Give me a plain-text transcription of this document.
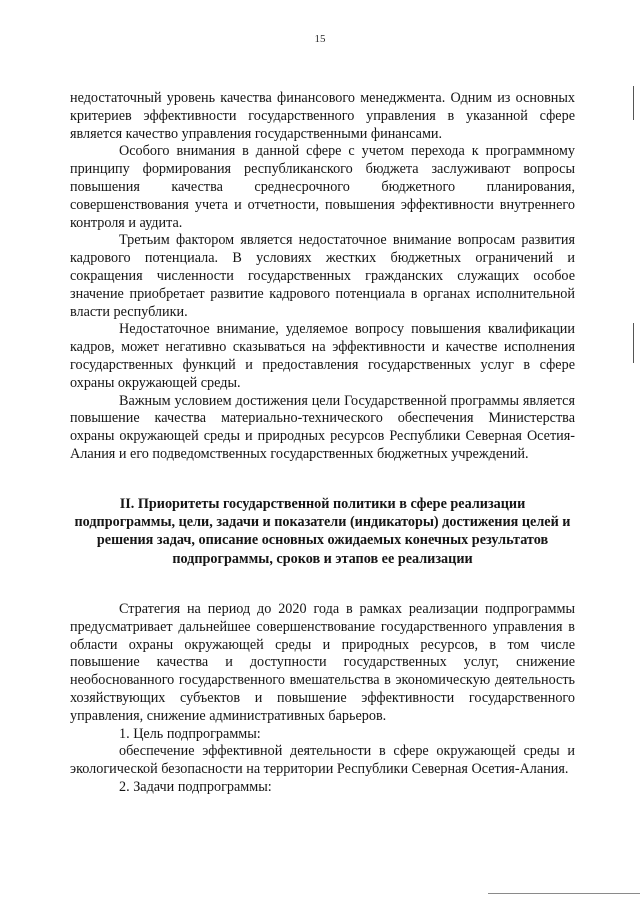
15

недостаточный уровень качества финансового менеджмента. Одним из основных критериев эффективности государственного управления в указанной сфере является качество управления государственными финансами.

Особого внимания в данной сфере с учетом перехода к программному принципу формирования республиканского бюджета заслуживают вопросы повышения качества среднесрочного бюджетного планирования, совершенствования учета и отчетности, повышения эффективности внутреннего контроля и аудита.

Третьим фактором является недостаточное внимание вопросам развития кадрового потенциала. В условиях жестких бюджетных ограничений и сокращения численности государственных гражданских служащих особое значение приобретает развитие кадрового потенциала в органах исполнительной власти республики.

Недостаточное внимание, уделяемое вопросу повышения квалификации кадров, может негативно сказываться на эффективности и качестве исполнения государственных функций и предоставления государственных услуг в сфере охраны окружающей среды.

Важным условием достижения цели Государственной программы является повышение качества материально-технического обеспечения Министерства охраны окружающей среды и природных ресурсов Республики Северная Осетия-Алания и его подведомственных государственных бюджетных учреждений.

II. Приоритеты государственной политики в сфере реализации подпрограммы, цели, задачи и показатели (индикаторы) достижения целей и решения задач, описание основных ожидаемых конечных результатов подпрограммы, сроков и этапов ее реализации

Стратегия на период до 2020 года в рамках реализации подпрограммы предусматривает дальнейшее совершенствование государственного управления в области охраны окружающей среды и природных ресурсов, в том числе повышение качества и доступности государственных услуг, снижение необоснованного государственного вмешательства в экономическую деятельность хозяйствующих субъектов и повышение эффективности государственного управления, снижение административных барьеров.

1. Цель подпрограммы:

обеспечение эффективной деятельности в сфере окружающей среды и экологической безопасности на территории Республики Северная Осетия-Алания.

2. Задачи подпрограммы:
